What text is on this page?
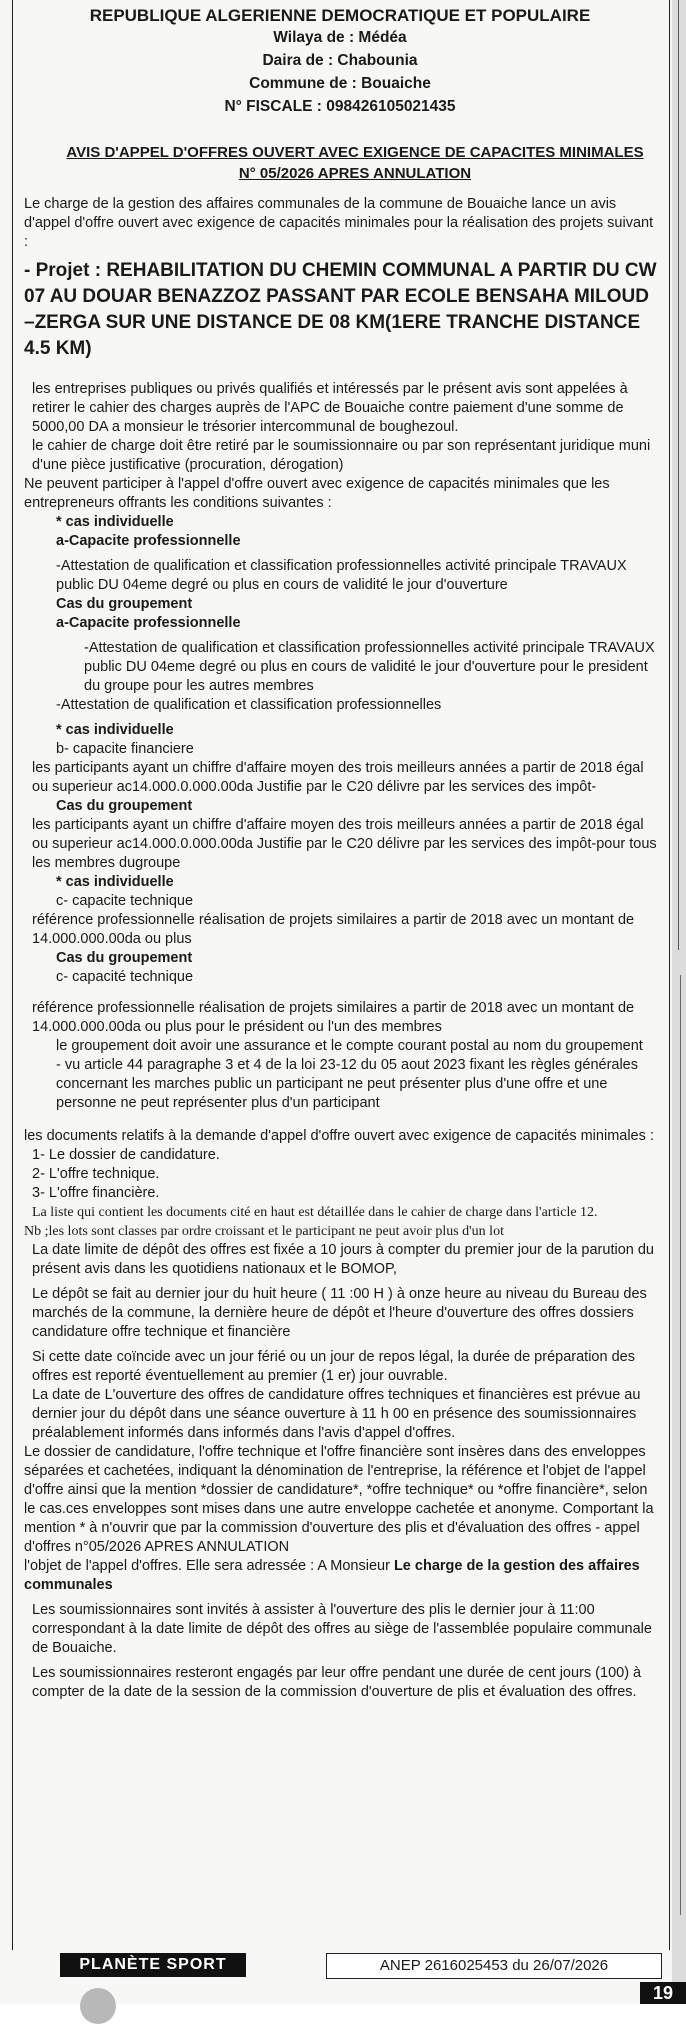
REPUBLIQUE ALGERIENNE DEMOCRATIQUE ET POPULAIRE
Wilaya de : Médéa
Daira de : Chabounia
Commune de : Bouaiche
N° FISCALE : 098426105021435
AVIS D'APPEL D'OFFRES OUVERT AVEC EXIGENCE DE CAPACITES MINIMALES N° 05/2026 APRES ANNULATION

Le charge de la gestion des affaires communales de la commune de Bouaiche lance un avis d'appel d'offre ouvert avec exigence de capacités minimales pour la réalisation des projets suivant :

- Projet : REHABILITATION DU CHEMIN COMMUNAL A PARTIR DU CW 07 AU DOUAR BENAZZOZ PASSANT PAR ECOLE BENSAHA MILOUD –ZERGA SUR UNE DISTANCE DE 08 KM(1ERE TRANCHE DISTANCE 4.5 KM)

les entreprises publiques ou privés qualifiés et intéressés par le présent avis sont appelées à retirer le cahier des charges auprès de l'APC de Bouaiche contre paiement d'une somme de 5000,00 DA a monsieur le trésorier intercommunal de boughezoul.

le cahier de charge doit être retiré par le soumissionnaire ou par son représentant juridique muni d'une pièce justificative (procuration, dérogation)

Ne peuvent participer à l'appel d'offre ouvert avec exigence de capacités minimales que les entrepreneurs offrants les conditions suivantes :

* cas individuelle

a-Capacite professionnelle

-Attestation de qualification et classification professionnelles activité principale TRAVAUX public DU 04eme degré ou plus en cours de validité le jour d'ouverture

Cas du groupement

a-Capacite professionnelle

-Attestation de qualification et classification professionnelles activité principale TRAVAUX public DU 04eme degré ou plus en cours de validité le jour d'ouverture pour le president du groupe pour les autres membres

-Attestation de qualification et classification professionnelles

* cas individuelle

b- capacite financiere

les participants ayant un chiffre d'affaire moyen des trois meilleurs années a partir de 2018 égal ou superieur ac14.000.0.000.00da Justifie par le C20 délivre par les services des impôt-

Cas du groupement

les participants ayant un chiffre d'affaire moyen des trois meilleurs années a partir de 2018 égal ou superieur ac14.000.0.000.00da Justifie par le C20 délivre par les services des impôt-pour tous les membres dugroupe

* cas individuelle

c- capacite technique

référence professionnelle réalisation de projets similaires a partir de 2018 avec un montant de 14.000.000.00da ou plus

Cas du groupement

c- capacité technique

référence professionnelle réalisation de projets similaires a partir de 2018 avec un montant de 14.000.000.00da ou plus pour le président ou l'un des membres

le groupement doit avoir une assurance et le compte courant postal au nom du groupement

- vu article 44 paragraphe 3 et 4 de la loi 23-12 du 05 aout 2023 fixant les règles générales concernant les marches public un participant ne peut présenter plus d'une offre et une personne ne peut représenter plus d'un participant

les documents relatifs à la demande d'appel d'offre ouvert avec exigence de capacités minimales :

1- Le dossier de candidature.

2- L'offre technique.

3- L'offre financière.

La liste qui contient les documents cité en haut est détaillée dans le cahier de charge dans l'article 12.

Nb ;les lots sont classes par ordre croissant et le participant ne peut avoir plus d'un lot

La date limite de dépôt des offres est fixée a 10 jours à compter du premier jour de la parution du présent avis dans les quotidiens nationaux et le BOMOP,

Le dépôt se fait au dernier jour du huit heure ( 11 :00 H ) à onze heure au niveau du Bureau des marchés de la commune, la dernière heure de dépôt et l'heure d'ouverture des offres dossiers candidature offre technique et financière

Si cette date coïncide avec un jour férié ou un jour de repos légal, la durée de préparation des offres est reporté éventuellement au premier (1 er) jour ouvrable.

La date de L'ouverture des offres de candidature offres techniques et financières est prévue au dernier jour du dépôt dans une séance ouverture à 11 h 00 en présence des soumissionnaires préalablement informés dans informés dans l'avis d'appel d'offres.

Le dossier de candidature, l'offre technique et l'offre financière sont insères dans des enveloppes séparées et cachetées, indiquant la dénomination de l'entreprise, la référence et l'objet de l'appel d'offre ainsi que la mention *dossier de candidature*, *offre technique* ou *offre financière*, selon le cas.ces enveloppes sont mises dans une autre enveloppe cachetée et anonyme. Comportant la mention * à n'ouvrir que par la commission d'ouverture des plis et d'évaluation des offres - appel d'offres n°05/2026 APRES ANNULATION

l'objet de l'appel d'offres. Elle sera adressée : A Monsieur Le charge de la gestion des affaires communales

Les soumissionnaires sont invités à assister à l'ouverture des plis le dernier jour à 11:00 correspondant à la date limite de dépôt des offres au siège de l'assemblée populaire communale de Bouaiche.

Les soumissionnaires resteront engagés par leur offre pendant une durée de cent jours (100) à compter de la date de la session de la commission d'ouverture de plis et évaluation des offres.

PLANÈTE SPORT	ANEP 2616025453 du 26/07/2026
19
